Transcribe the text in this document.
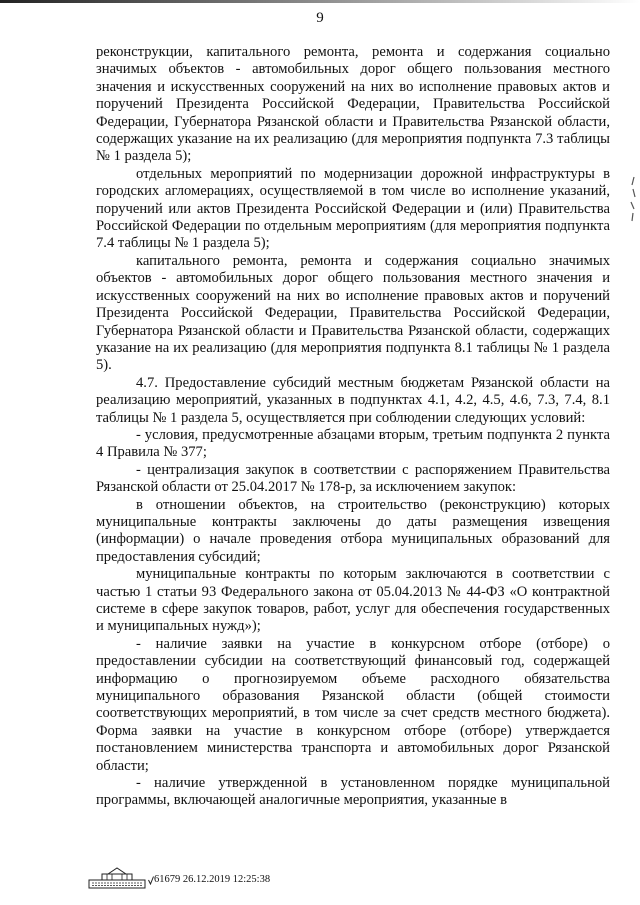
9

реконструкции, капитального ремонта, ремонта и содержания социально значимых объектов - автомобильных дорог общего пользования местного значения и искусственных сооружений на них во исполнение правовых актов и поручений Президента Российской Федерации, Правительства Российской Федерации, Губернатора Рязанской области и Правительства Рязанской области, содержащих указание на их реализацию (для мероприятия подпункта 7.3 таблицы № 1 раздела 5);

отдельных мероприятий по модернизации дорожной инфраструктуры в городских агломерациях, осуществляемой в том числе во исполнение указаний, поручений или актов Президента Российской Федерации и (или) Правительства Российской Федерации по отдельным мероприятиям (для мероприятия подпункта 7.4 таблицы № 1 раздела 5);

капитального ремонта, ремонта и содержания социально значимых объектов - автомобильных дорог общего пользования местного значения и искусственных сооружений на них во исполнение правовых актов и поручений Президента Российской Федерации, Правительства Российской Федерации, Губернатора Рязанской области и Правительства Рязанской области, содержащих указание на их реализацию (для мероприятия подпункта 8.1 таблицы № 1 раздела 5).

4.7. Предоставление субсидий местным бюджетам Рязанской области на реализацию мероприятий, указанных в подпунктах 4.1, 4.2, 4.5, 4.6, 7.3, 7.4, 8.1 таблицы № 1 раздела 5, осуществляется при соблюдении следующих условий:

- условия, предусмотренные абзацами вторым, третьим подпункта 2 пункта 4 Правила № 377;

- централизация закупок в соответствии с распоряжением Правительства Рязанской области от 25.04.2017 № 178-р, за исключением закупок:

в отношении объектов, на строительство (реконструкцию) которых муниципальные контракты заключены до даты размещения извещения (информации) о начале проведения отбора муниципальных образований для предоставления субсидий;

муниципальные контракты по которым заключаются в соответствии с частью 1 статьи 93 Федерального закона от 05.04.2013 № 44-ФЗ «О контрактной системе в сфере закупок товаров, работ, услуг для обеспечения государственных и муниципальных нужд»);

- наличие заявки на участие в конкурсном отборе (отборе) о предоставлении субсидии на соответствующий финансовый год, содержащей информацию о прогнозируемом объеме расходного обязательства муниципального образования Рязанской области (общей стоимости соответствующих мероприятий, в том числе за счет средств местного бюджета). Форма заявки на участие в конкурсном отборе (отборе) утверждается постановлением министерства транспорта и автомобильных дорог Рязанской области;

- наличие утвержденной в установленном порядке муниципальной программы, включающей аналогичные мероприятия, указанные в

61679 26.12.2019 12:25:38
